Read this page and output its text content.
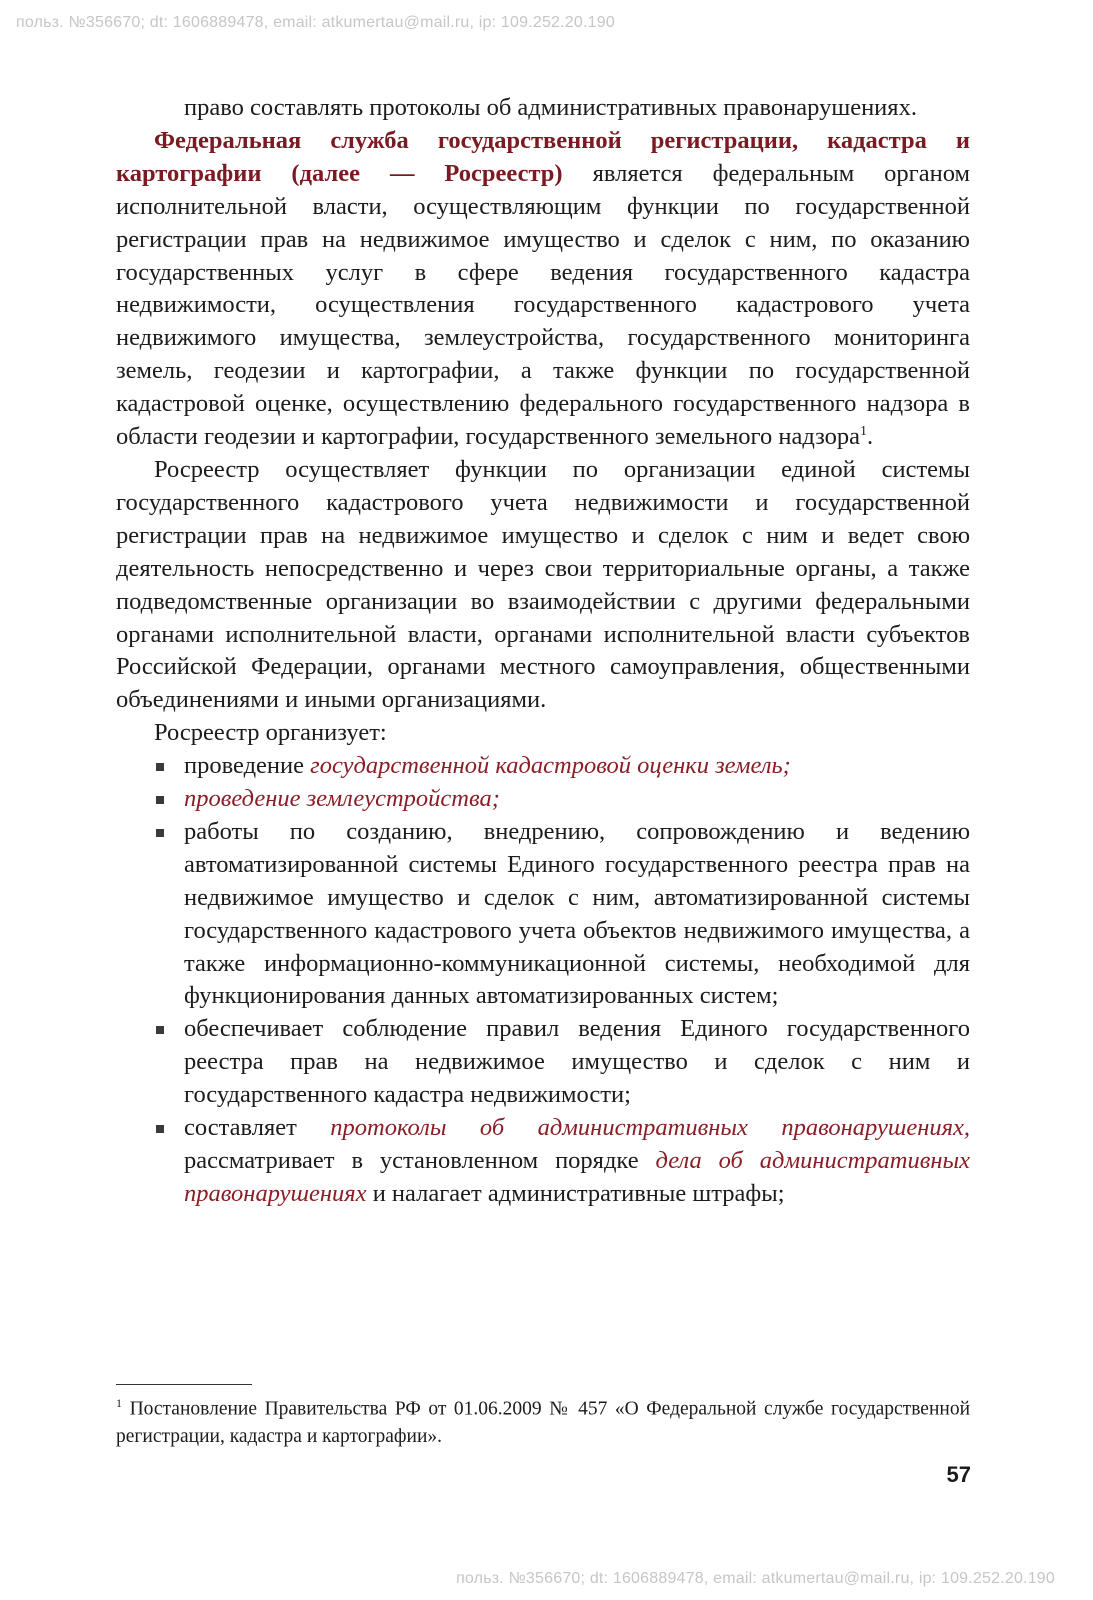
польз. №356670; dt: 1606889478, email: atkumertau@mail.ru, ip: 109.252.20.190

право составлять протоколы об административных правонарушениях.

Федеральная служба государственной регистрации, кадастра и картографии (далее — Росреестр) является федеральным органом исполнительной власти, осуществляющим функции по государственной регистрации прав на недвижимое имущество и сделок с ним, по оказанию государственных услуг в сфере ведения государственного кадастра недвижимости, осуществления государственного кадастрового учета недвижимого имущества, землеустройства, государственного мониторинга земель, геодезии и картографии, а также функции по государственной кадастровой оценке, осуществлению федерального государственного надзора в области геодезии и картографии, государственного земельного надзора$^1$.

Росреестр осуществляет функции по организации единой системы государственного кадастрового учета недвижимости и государственной регистрации прав на недвижимое имущество и сделок с ним и ведет свою деятельность непосредственно и через свои территориальные органы, а также подведомственные организации во взаимодействии с другими федеральными органами исполнительной власти, органами исполнительной власти субъектов Российской Федерации, органами местного самоуправления, общественными объединениями и иными организациями.

Росреестр организует:

проведение государственной кадастровой оценки земель;
проведение землеустройства;
работы по созданию, внедрению, сопровождению и ведению автоматизированной системы Единого государственного реестра прав на недвижимое имущество и сделок с ним, автоматизированной системы государственного кадастрового учета объектов недвижимого имущества, а также информационно-коммуникационной системы, необходимой для функционирования данных автоматизированных систем;
обеспечивает соблюдение правил ведения Единого государственного реестра прав на недвижимое имущество и сделок с ним и государственного кадастра недвижимости;
составляет протоколы об административных правонарушениях, рассматривает в установленном порядке дела об административных правонарушениях и налагает административные штрафы;
$^1$ Постановление Правительства РФ от 01.06.2009 № 457 «О Федеральной службе государственной регистрации, кадастра и картографии».
57
польз. №356670; dt: 1606889478, email: atkumertau@mail.ru, ip: 109.252.20.190
